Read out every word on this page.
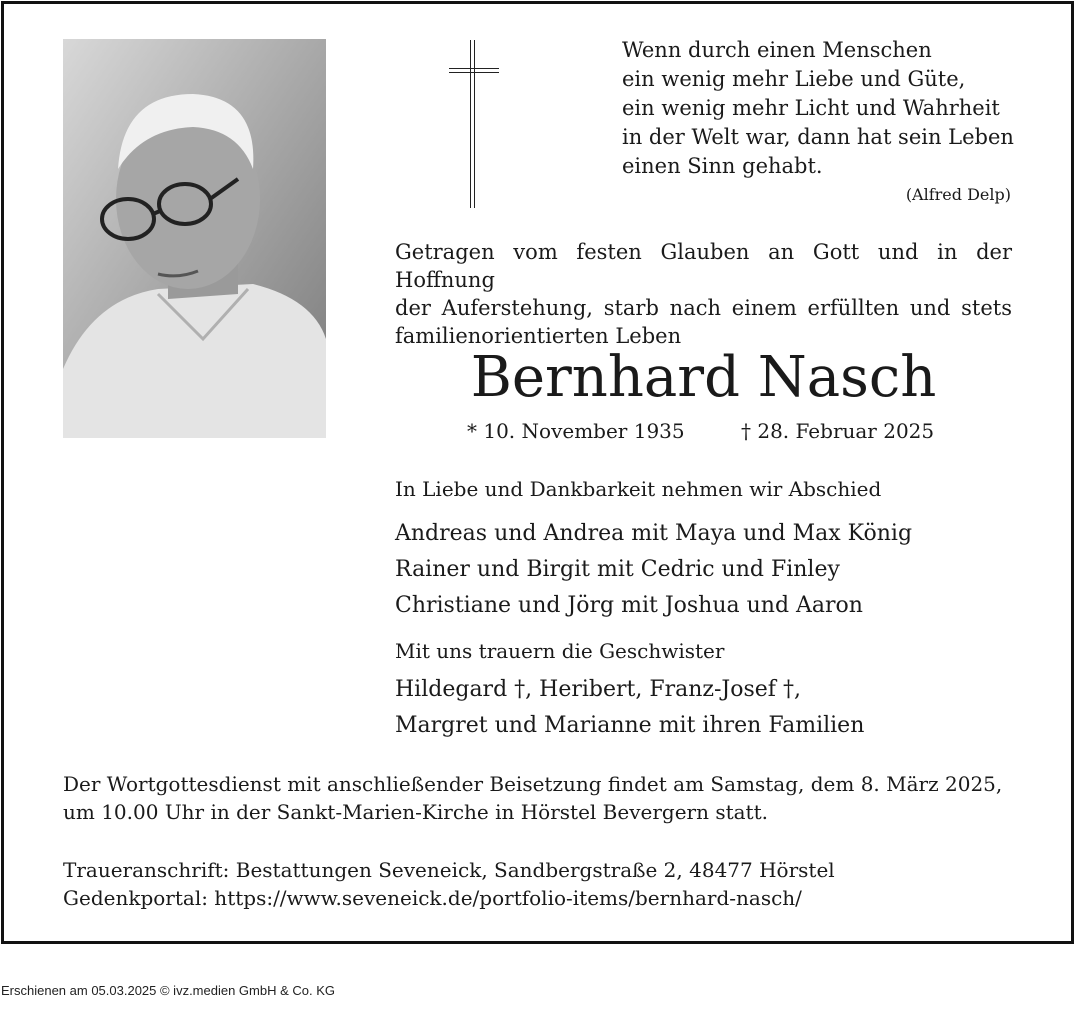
Wenn durch einen Menschen
ein wenig mehr Liebe und Güte,
ein wenig mehr Licht und Wahrheit
in der Welt war, dann hat sein Leben
einen Sinn gehabt.
(Alfred Delp)
Getragen vom festen Glauben an Gott und in der Hoffnung
der Auferstehung, starb nach einem erfüllten und stets
familienorientierten Leben
Bernhard Nasch
* 10. November 1935	† 28. Februar 2025
In Liebe und Dankbarkeit nehmen wir Abschied
Andreas und Andrea mit Maya und Max König
Rainer und Birgit mit Cedric und Finley
Christiane und Jörg mit Joshua und Aaron
Mit uns trauern die Geschwister
Hildegard †, Heribert, Franz-Josef †,
Margret und Marianne mit ihren Familien
Der Wortgottesdienst mit anschließender Beisetzung findet am Samstag, dem 8. März 2025,
um 10.00 Uhr in der Sankt-Marien-Kirche in Hörstel Bevergern statt.
Traueranschrift: Bestattungen Seveneick, Sandbergstraße 2, 48477 Hörstel
Gedenkportal: https://www.seveneick.de/portfolio-items/bernhard-nasch/
Erschienen am 05.03.2025 © ivz.medien GmbH & Co. KG
